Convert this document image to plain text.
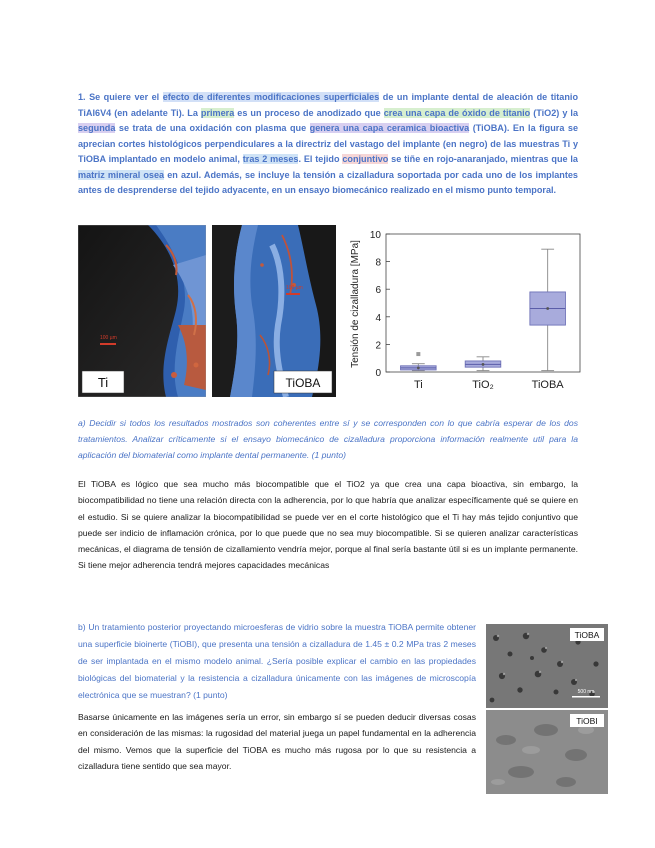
1. Se quiere ver el efecto de diferentes modificaciones superficiales de un implante dental de aleación de titanio TiAl6V4 (en adelante Ti). La primera es un proceso de anodizado que crea una capa de óxido de titanio (TiO2) y la segunda se trata de una oxidación con plasma que genera una capa ceramica bioactiva (TiOBA). En la figura se aprecian cortes histológicos perpendiculares a la directriz del vastago del implante (en negro) de las muestras Ti y TiOBA implantado en modelo animal, tras 2 meses. El tejido conjuntivo se tiñe en rojo-anaranjado, mientras que la matriz mineral osea en azul. Además, se incluye la tensión a cizalladura soportada por cada uno de los implantes antes de desprenderse del tejido adyacente, en un ensayo biomecánico realizado en el mismo punto temporal.
100 µm
Ti
100 µm
TiOBA
Tensión de cizalladura [MPa]
0
2
4
6
8
10
Ti	TiO₂	TiOBA
a) Decidir si todos los resultados mostrados son coherentes entre sí y se corresponden con lo que cabría esperar de los dos tratamientos. Analizar críticamente si el ensayo biomecánico de cizalladura proporciona información realmente util para la aplicación del biomaterial como implante dental permanente. (1 punto)
El TiOBA es lógico que sea mucho más biocompatible que el TiO2 ya que crea una capa bioactiva, sin embargo, la biocompatibilidad no tiene una relación directa con la adherencia, por lo que habría que analizar específicamente qué se quiere en el estudio. Si se quiere analizar la biocompatibilidad se puede ver en el corte histológico que el Ti hay más tejido conjuntivo que puede ser indicio de inflamación crónica, por lo que puede que no sea muy biocompatible. Si se quieren analizar características mecánicas, el diagrama de tensión de cizallamiento vendría mejor, porque al final sería bastante útil si es un implante permanente. Si tiene mejor adherencia tendrá mejores capacidades mecánicas
b) Un tratamiento posterior proyectando microesferas de vidrio sobre la muestra TiOBA permite obtener una superficie bioinerte (TiOBI), que presenta una tensión a cizalladura de 1.45 ± 0.2 MPa tras 2 meses de ser implantada en el mismo modelo animal. ¿Sería posible explicar el cambio en las propiedades biológicas del biomaterial y la resistencia a cizalladura únicamente con las imágenes de microscopía electrónica que se muestran? (1 punto)
Basarse únicamente en las imágenes sería un error, sin embargo sí se pueden deducir diversas cosas en consideración de las mismas: la rugosidad del material juega un papel fundamental en la adherencia del mismo. Vemos que la superficie del TiOBA es mucho más rugosa por lo que su resistencia a cizalladura tiene sentido que sea mayor.
TiOBA
500 nm
TiOBI
